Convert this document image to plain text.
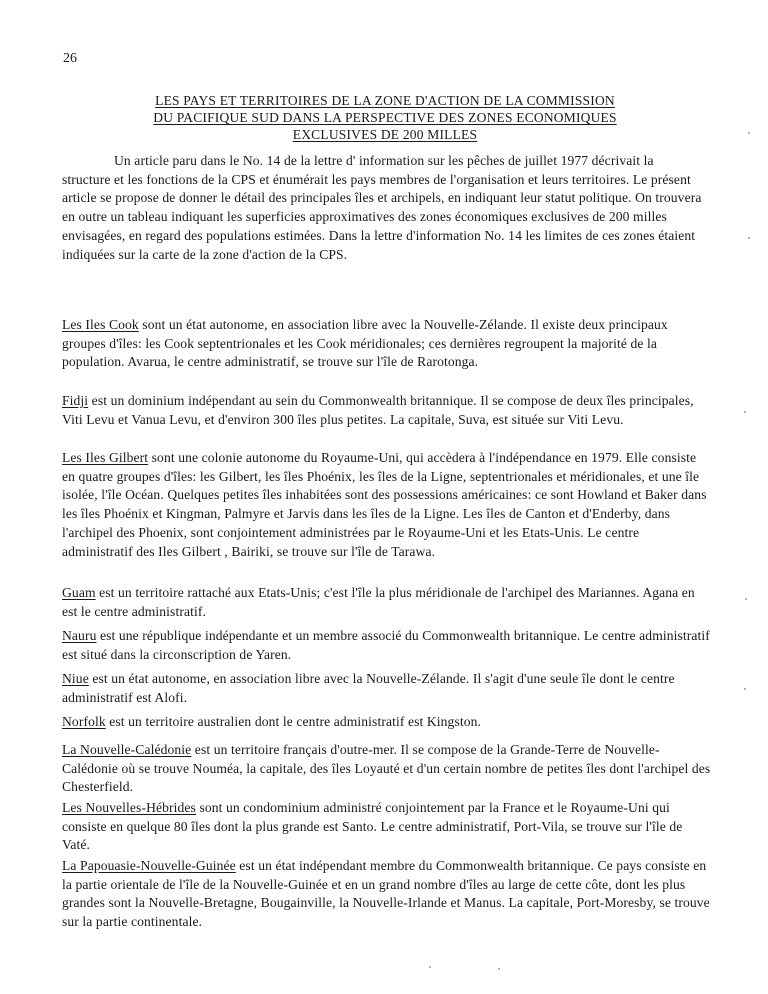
26
LES PAYS ET TERRITOIRES DE LA ZONE D'ACTION DE LA COMMISSION
DU PACIFIQUE SUD DANS LA PERSPECTIVE DES ZONES ECONOMIQUES
EXCLUSIVES DE 200 MILLES

Un article paru dans le No. 14 de la lettre d' information sur les pêches de juillet 1977 décrivait la structure et les fonctions de la CPS et énumérait les pays membres de l'organisation et leurs territoires. Le présent article se propose de donner le détail des principales îles et archipels, en indiquant leur statut politique. On trouvera en outre un tableau indiquant les superficies approximatives des zones économiques exclusives de 200 milles envisagées, en regard des populations estimées. Dans la lettre d'information No. 14 les limites de ces zones étaient indiquées sur la carte de la zone d'action de la CPS.

Les Iles Cook sont un état autonome, en association libre avec la Nouvelle-Zélande. Il existe deux principaux groupes d'îles: les Cook septentrionales et les Cook méridionales; ces dernières regroupent la majorité de la population. Avarua, le centre administratif, se trouve sur l'île de Rarotonga.

Fidji est un dominium indépendant au sein du Commonwealth britannique. Il se compose de deux îles principales, Viti Levu et Vanua Levu, et d'environ 300 îles plus petites. La capitale, Suva, est située sur Viti Levu.

Les Iles Gilbert sont une colonie autonome du Royaume-Uni, qui accèdera à l'indépendance en 1979. Elle consiste en quatre groupes d'îles: les Gilbert, les îles Phoénix, les îles de la Ligne, septentrionales et méridionales, et une île isolée, l'île Océan. Quelques petites îles inhabitées sont des possessions américaines: ce sont Howland et Baker dans les îles Phoénix et Kingman, Palmyre et Jarvis dans les îles de la Ligne. Les îles de Canton et d'Enderby, dans l'archipel des Phoenix, sont conjointement administrées par le Royaume-Uni et les Etats-Unis. Le centre administratif des Iles Gilbert , Bairiki, se trouve sur l'île de Tarawa.

Guam est un territoire rattaché aux Etats-Unis; c'est l'île la plus méridionale de l'archipel des Mariannes. Agana en est le centre administratif.

Nauru est une république indépendante et un membre associé du Commonwealth britannique. Le centre administratif est situé dans la circonscription de Yaren.

Niue est un état autonome, en association libre avec la Nouvelle-Zélande. Il s'agit d'une seule île dont le centre administratif est Alofi.

Norfolk est un territoire australien dont le centre administratif est Kingston.

La Nouvelle-Calédonie est un territoire français d'outre-mer. Il se compose de la Grande-Terre de Nouvelle-Calédonie où se trouve Nouméa, la capitale, des îles Loyauté et d'un certain nombre de petites îles dont l'archipel des Chesterfield.

Les Nouvelles-Hébrides sont un condominium administré conjointement par la France et le Royaume-Uni qui consiste en quelque 80 îles dont la plus grande est Santo. Le centre administratif, Port-Vila, se trouve sur l'île de Vaté.

La Papouasie-Nouvelle-Guinée est un état indépendant membre du Commonwealth britannique. Ce pays consiste en la partie orientale de l'île de la Nouvelle-Guinée et en un grand nombre d'îles au large de cette côte, dont les plus grandes sont la Nouvelle-Bretagne, Bougainville, la Nouvelle-Irlande et Manus. La capitale, Port-Moresby, se trouve sur la partie continentale.
